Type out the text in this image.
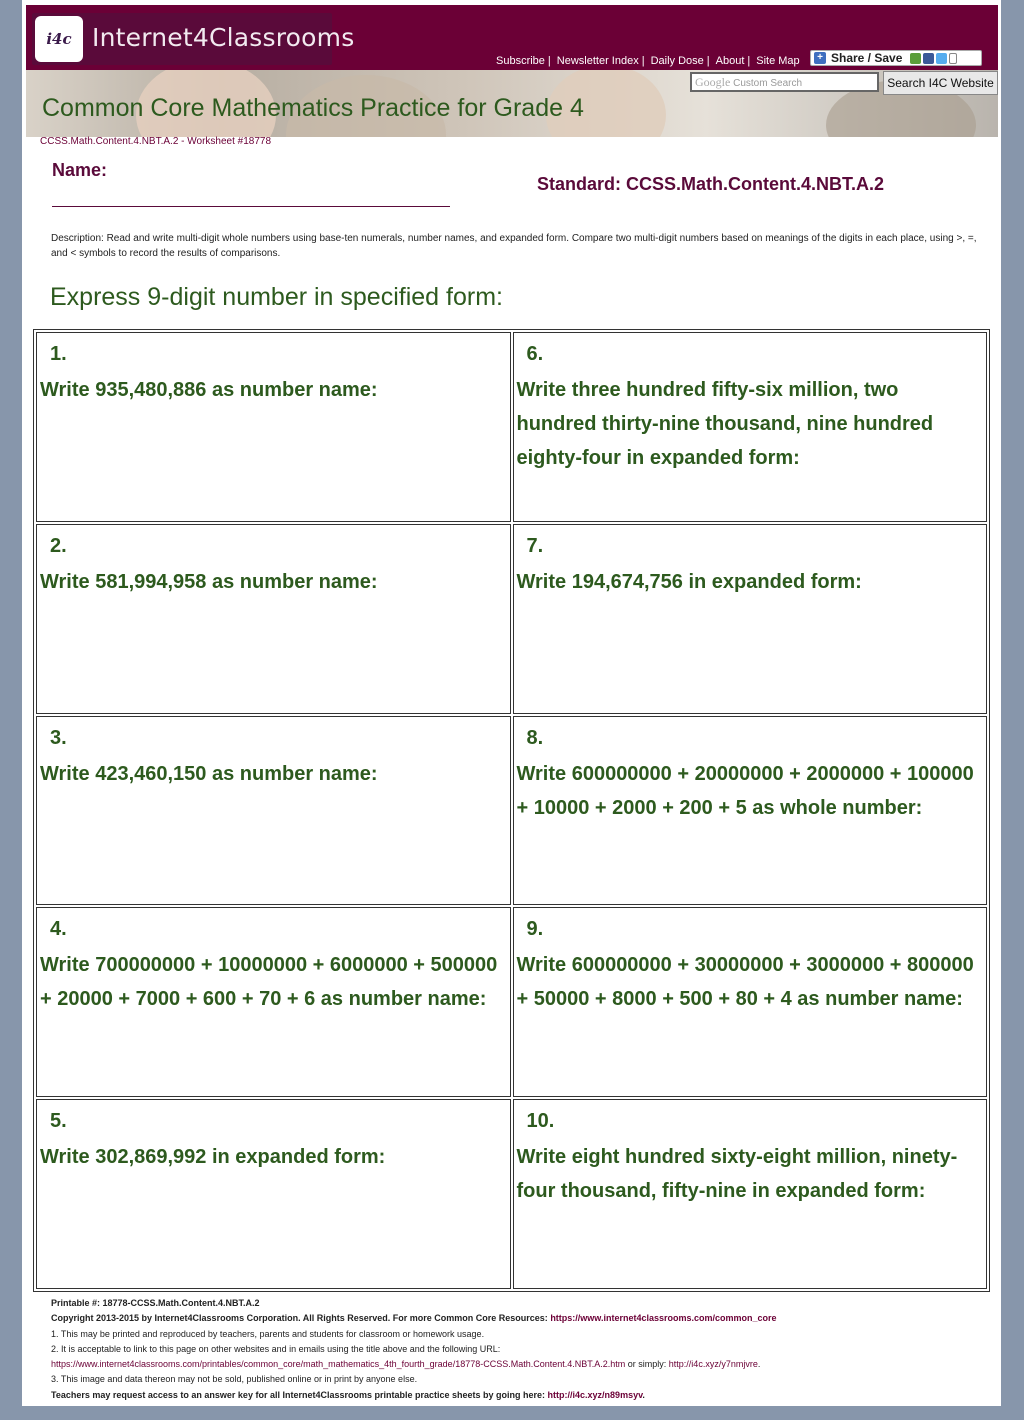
i4c Internet4Classrooms
Subscribe | Newsletter Index | Daily Dose | About | Site Map	+ Share / Save
Common Core Mathematics Practice for Grade 4
Google Custom Search	Search I4C Website
CCSS.Math.Content.4.NBT.A.2 - Worksheet #18778
Name:
Standard: CCSS.Math.Content.4.NBT.A.2
Description: Read and write multi-digit whole numbers using base-ten numerals, number names, and expanded form. Compare two multi-digit numbers based on meanings of the digits in each place, using >, =, and < symbols to record the results of comparisons.
Express 9-digit number in specified form:
1.
Write 935,480,886 as number name:
6.
Write three hundred fifty-six million, two hundred thirty-nine thousand, nine hundred eighty-four in expanded form:
2.
Write 581,994,958 as number name:
7.
Write 194,674,756 in expanded form:
3.
Write 423,460,150 as number name:
8.
Write 600000000 + 20000000 + 2000000 + 100000 + 10000 + 2000 + 200 + 5 as whole number:
4.
Write 700000000 + 10000000 + 6000000 + 500000 + 20000 + 7000 + 600 + 70 + 6 as number name:
9.
Write 600000000 + 30000000 + 3000000 + 800000 + 50000 + 8000 + 500 + 80 + 4 as number name:
5.
Write 302,869,992 in expanded form:
10.
Write eight hundred sixty-eight million, ninety-four thousand, fifty-nine in expanded form:
Printable #: 18778-CCSS.Math.Content.4.NBT.A.2
Copyright 2013-2015 by Internet4Classrooms Corporation. All Rights Reserved. For more Common Core Resources: https://www.internet4classrooms.com/common_core
1. This may be printed and reproduced by teachers, parents and students for classroom or homework usage.
2. It is acceptable to link to this page on other websites and in emails using the title above and the following URL:
https://www.internet4classrooms.com/printables/common_core/math_mathematics_4th_fourth_grade/18778-CCSS.Math.Content.4.NBT.A.2.htm or simply: http://i4c.xyz/y7nmjvre.
3. This image and data thereon may not be sold, published online or in print by anyone else.
Teachers may request access to an answer key for all Internet4Classrooms printable practice sheets by going here: http://i4c.xyz/n89msyv.
